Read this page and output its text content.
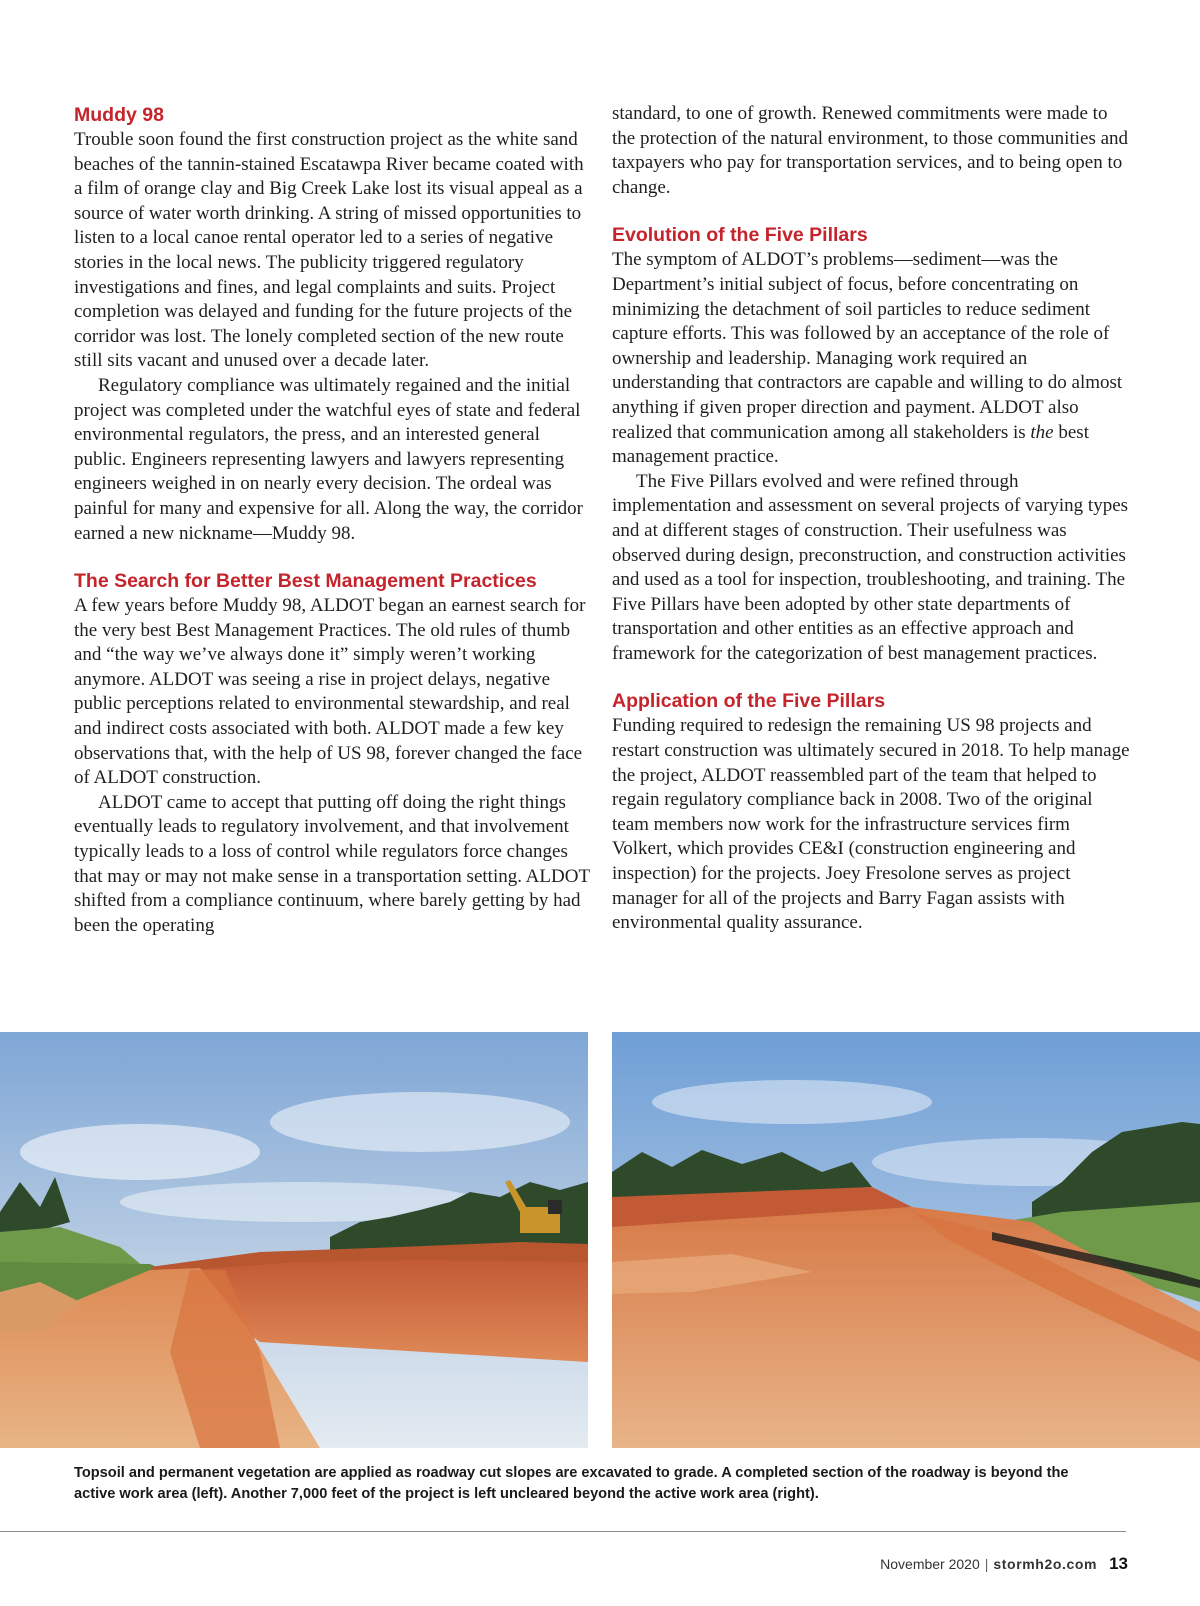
Muddy 98

Trouble soon found the first construction project as the white sand beaches of the tannin-stained Escatawpa River became coated with a film of orange clay and Big Creek Lake lost its visual appeal as a source of water worth drinking. A string of missed opportunities to listen to a local canoe rental operator led to a series of negative stories in the local news. The publicity triggered regulatory investigations and fines, and legal complaints and suits. Project completion was delayed and funding for the future projects of the corridor was lost. The lonely completed section of the new route still sits vacant and unused over a decade later.

Regulatory compliance was ultimately regained and the initial project was completed under the watchful eyes of state and federal environmental regulators, the press, and an interested general public. Engineers representing lawyers and lawyers representing engineers weighed in on nearly every decision. The ordeal was painful for many and expensive for all. Along the way, the corridor earned a new nickname—Muddy 98.

The Search for Better Best Management Practices

A few years before Muddy 98, ALDOT began an earnest search for the very best Best Management Practices. The old rules of thumb and “the way we’ve always done it” simply weren’t working anymore. ALDOT was seeing a rise in project delays, negative public perceptions related to environmental stewardship, and real and indirect costs associated with both. ALDOT made a few key observations that, with the help of US 98, forever changed the face of ALDOT construction.

ALDOT came to accept that putting off doing the right things eventually leads to regulatory involvement, and that involvement typically leads to a loss of control while regulators force changes that may or may not make sense in a transportation setting. ALDOT shifted from a compliance continuum, where barely getting by had been the operating

standard, to one of growth. Renewed commitments were made to the protection of the natural environment, to those communities and taxpayers who pay for transportation services, and to being open to change.

Evolution of the Five Pillars

The symptom of ALDOT’s problems—sediment—was the Department’s initial subject of focus, before concentrating on minimizing the detachment of soil particles to reduce sediment capture efforts. This was followed by an acceptance of the role of ownership and leadership. Managing work required an understanding that contractors are capable and willing to do almost anything if given proper direction and payment. ALDOT also realized that communication among all stakeholders is the best management practice.

The Five Pillars evolved and were refined through implementation and assessment on several projects of varying types and at different stages of construction. Their usefulness was observed during design, preconstruction, and construction activities and used as a tool for inspection, troubleshooting, and training. The Five Pillars have been adopted by other state departments of transportation and other entities as an effective approach and framework for the categorization of best management practices.

Application of the Five Pillars

Funding required to redesign the remaining US 98 projects and restart construction was ultimately secured in 2018. To help manage the project, ALDOT reassembled part of the team that helped to regain regulatory compliance back in 2008. Two of the original team members now work for the infrastructure services firm Volkert, which provides CE&I (construction engineering and inspection) for the projects. Joey Fresolone serves as project manager for all of the projects and Barry Fagan assists with environmental quality assurance.

Topsoil and permanent vegetation are applied as roadway cut slopes are excavated to grade. A completed section of the roadway is beyond the active work area (left). Another 7,000 feet of the project is left uncleared beyond the active work area (right).
November 2020 | stormh2o.com 13
